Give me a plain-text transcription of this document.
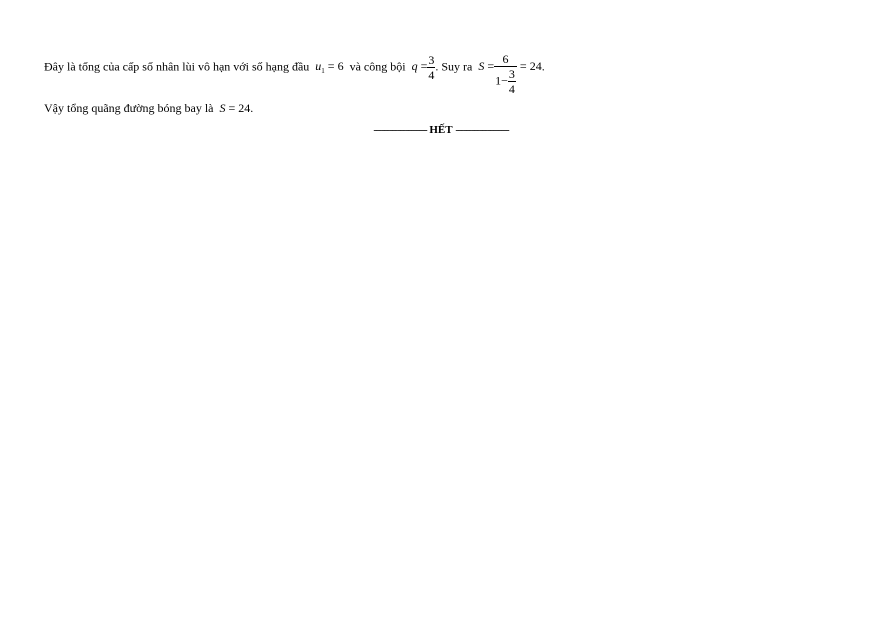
Đây là tổng của cấp số nhân lùi vô hạn với số hạng đầu $u_1 = 6$ và công bội $q = \frac{3}{4}$ . Suy ra $S = \frac{6}{1- \frac{3}{4}} = 24$.
Vậy tổng quãng đường bóng bay là S = 24.
-------------------- HẾT --------------------
